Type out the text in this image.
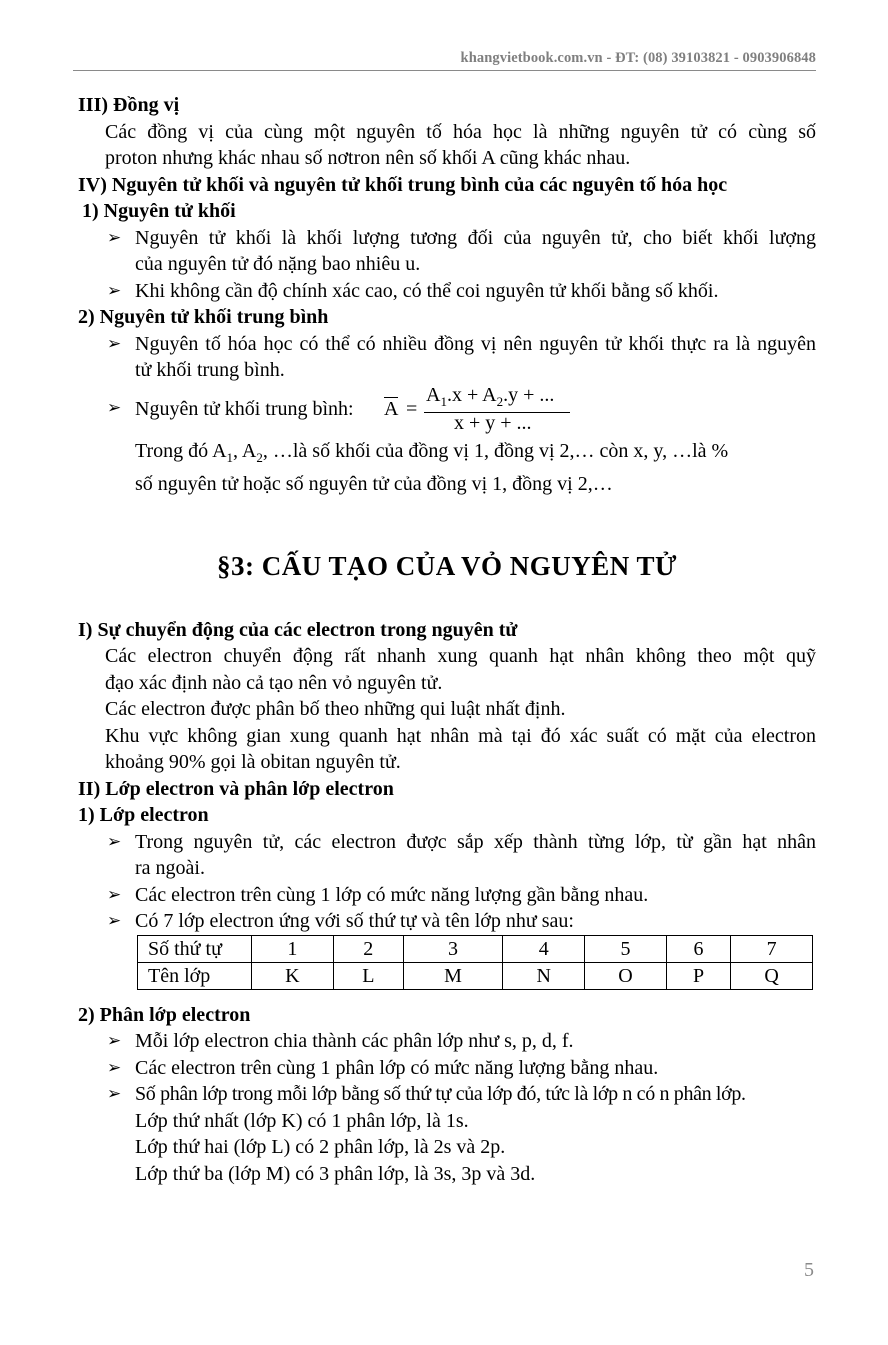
khangvietbook.com.vn - ĐT: (08) 39103821 - 0903906848
III) Đồng vị
Các đồng vị của cùng một nguyên tố hóa học là những nguyên tử có cùng số
proton nhưng khác nhau số nơtron nên số khối A cũng khác nhau.
IV) Nguyên tử khối và nguyên tử khối trung bình của các nguyên tố hóa học
1) Nguyên tử khối
➢ Nguyên tử khối là khối lượng tương đối của nguyên tử, cho biết khối lượng
của nguyên tử đó nặng bao nhiêu u.
➢ Khi không cần độ chính xác cao, có thể coi nguyên tử khối bằng số khối.
2) Nguyên tử khối trung bình
➢ Nguyên tố hóa học có thể có nhiều đồng vị nên nguyên tử khối thực ra là nguyên
tử khối trung bình.
➢ Nguyên tử khối trung bình: A =
$A_1.x + A_2.y$ + ...
x + y + ...
Trong đó $A_1$, $A_2$, …là số khối của đồng vị 1, đồng vị 2,… còn x, y, …là %
số nguyên tử hoặc số nguyên tử của đồng vị 1, đồng vị 2,…
§3: CẤU TẠO CỦA VỎ NGUYÊN TỬ
I) Sự chuyển động của các electron trong nguyên tử
Các electron chuyển động rất nhanh xung quanh hạt nhân không theo một quỹ
đạo xác định nào cả tạo nên vỏ nguyên tử.
Các electron được phân bố theo những qui luật nhất định.
Khu vực không gian xung quanh hạt nhân mà tại đó xác suất có mặt của electron
khoảng 90% gọi là obitan nguyên tử.
II) Lớp electron và phân lớp electron
1) Lớp electron
➢ Trong nguyên tử, các electron được sắp xếp thành từng lớp, từ gần hạt nhân
ra ngoài.
➢ Các electron trên cùng 1 lớp có mức năng lượng gần bằng nhau.
➢ Có 7 lớp electron ứng với số thứ tự và tên lớp như sau:
Số thứ tự	1	2	3	4	5	6	7
Tên lớp	K	L	M	N	O	P	Q
2) Phân lớp electron
➢ Mỗi lớp electron chia thành các phân lớp như s, p, d, f.
➢ Các electron trên cùng 1 phân lớp có mức năng lượng bằng nhau.
➢ Số phân lớp trong mỗi lớp bằng số thứ tự của lớp đó, tức là lớp n có n phân lớp.
Lớp thứ nhất (lớp K) có 1 phân lớp, là 1s.
Lớp thứ hai (lớp L) có 2 phân lớp, là 2s và 2p.
Lớp thứ ba (lớp M) có 3 phân lớp, là 3s, 3p và 3d.
5
